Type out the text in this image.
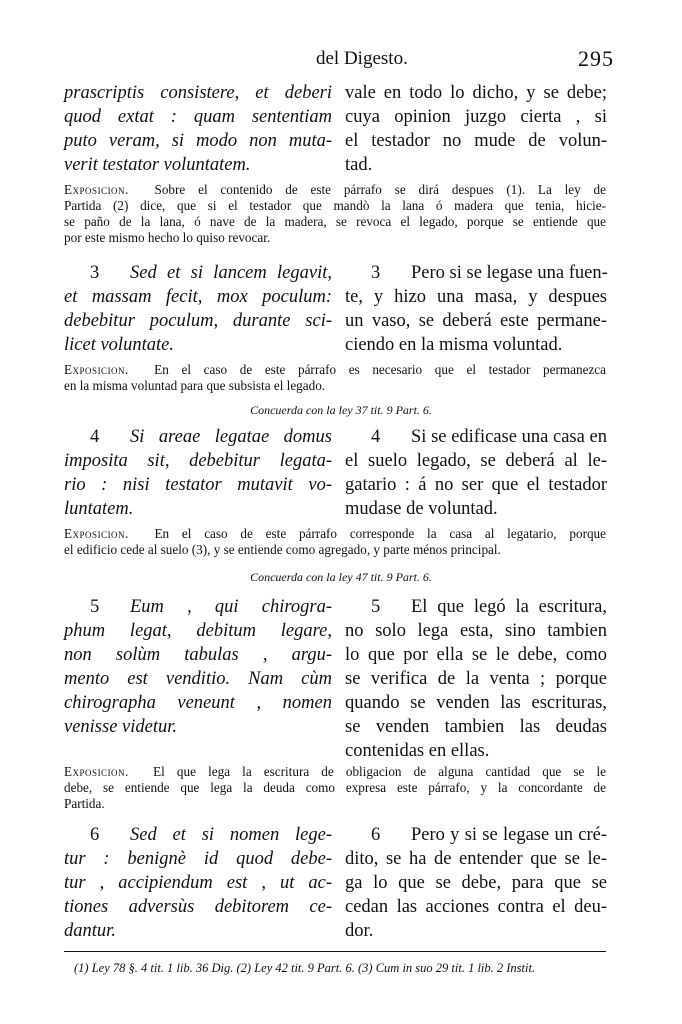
del Digesto.	295
prascriptis consistere, et deberi
quod extat : quam sententiam
puto veram, si modo non muta-
verit testator voluntatem.
vale en todo lo dicho, y se debe;
cuya opinion juzgo cierta , si
el testador no mude de volun-
tad.
Exposicion. Sobre el contenido de este párrafo se dirá despues (1). La ley de
Partida (2) dice, que si el testador que mandò la lana ó madera que tenia, hicie-
se paño de la lana, ó nave de la madera, se revoca el legado, porque se entiende que
por este mismo hecho lo quiso revocar.
3 Sed et si lancem legavit,
et massam fecit, mox poculum:
debebitur poculum, durante sci-
licet voluntate.
3 Pero si se legase una fuen-
te, y hizo una masa, y despues
un vaso, se deberá este permane-
ciendo en la misma voluntad.
Exposicion. En el caso de este párrafo es necesario que el testador permanezca
en la misma voluntad para que subsista el legado.
Concuerda con la ley 37 tit. 9 Part. 6.
4 Si areae legatae domus
imposita sit, debebitur legata-
rio : nisi testator mutavit vo-
luntatem.
4 Si se edificase una casa en
el suelo legado, se deberá al le-
gatario : á no ser que el testador
mudase de voluntad.
Exposicion. En el caso de este párrafo corresponde la casa al legatario, porque
el edificio cede al suelo (3), y se entiende como agregado, y parte ménos principal.
Concuerda con la ley 47 tit. 9 Part. 6.
5 Eum , qui chirogra-
phum legat, debitum legare,
non solùm tabulas , argu-
mento est venditio. Nam cùm
chirographa veneunt , nomen
venisse videtur.
5 El que legó la escritura,
no solo lega esta, sino tambien
lo que por ella se le debe, como
se verifica de la venta ; porque
quando se venden las escrituras,
se venden tambien las deudas
contenidas en ellas.
Exposicion. El que lega la escritura de obligacion de alguna cantidad que se le
debe, se entiende que lega la deuda como expresa este párrafo, y la concordante de
Partida.
6 Sed et si nomen lege-
tur : benignè id quod debe-
tur , accipiendum est , ut ac-
tiones adversùs debitorem ce-
dantur.
6 Pero y si se legase un cré-
dito, se ha de entender que se le-
ga lo que se debe, para que se
cedan las acciones contra el deu-
dor.
(1) Ley 78 §. 4 tit. 1 lib. 36 Dig. (2) Ley 42 tit. 9 Part. 6. (3) Cum in suo 29 tit. 1 lib. 2 Instit.
